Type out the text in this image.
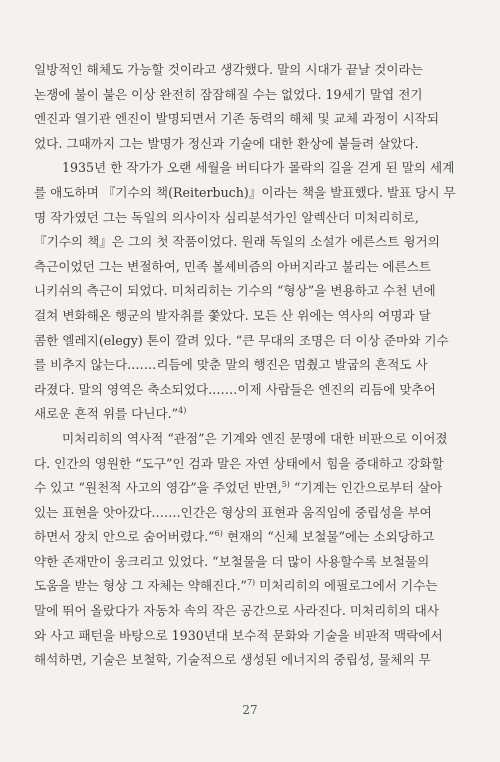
일방적인 해체도 가능할 것이라고 생각했다. 말의 시대가 끝날 것이라는
논쟁에 불이 붙은 이상 완전히 잠잠해질 수는 없었다. 19세기 말엽 전기
엔진과 열기관 엔진이 발명되면서 기존 동력의 해체 및 교체 과정이 시작되
었다. 그때까지 그는 발명가 정신과 기술에 대한 환상에 붙들려 살았다.
1935년 한 작가가 오랜 세월을 버티다가 몰락의 길을 걷게 된 말의 세계
를 애도하며 『기수의 책(Reiterbuch)』이라는 책을 발표했다. 발표 당시 무
명 작가였던 그는 독일의 의사이자 심리분석가인 알렉산더 미처리히로,
『기수의 책』은 그의 첫 작품이었다. 원래 독일의 소설가 에른스트 윙거의
측근이었던 그는 변절하여, 민족 볼셰비즘의 아버지라고 불리는 에른스트
니키쉬의 측근이 되었다. 미처리히는 기수의 “형상”을 변용하고 수천 년에
걸쳐 변화해온 행군의 발자취를 쫓았다. 모든 산 위에는 역사의 여명과 달
콤한 엘레지(elegy) 톤이 깔려 있다. “큰 무대의 조명은 더 이상 준마와 기수
를 비추지 않는다.……리듬에 맞춘 말의 행진은 멈췄고 발굽의 흔적도 사
라졌다. 말의 영역은 축소되었다.……이제 사람들은 엔진의 리듬에 맞추어
새로운 흔적 위를 다닌다.”$^{4)}$
미처리히의 역사적 “관점”은 기계와 엔진 문명에 대한 비판으로 이어졌
다. 인간의 영원한 “도구”인 검과 말은 자연 상태에서 힘을 증대하고 강화할
수 있고 “원천적 사고의 영감”을 주었던 반면,$^{5)}$ “기계는 인간으로부터 살아
있는 표현을 앗아갔다.……인간은 형상의 표현과 움직임에 중립성을 부여
하면서 장치 안으로 숨어버렸다.”$^{6)}$ 현재의 “신체 보철물”에는 소외당하고
약한 존재만이 웅크리고 있었다. “보철물을 더 많이 사용할수록 보철물의
도움을 받는 형상 그 자체는 약해진다.”$^{7)}$ 미처리히의 에필로그에서 기수는
말에 뛰어 올랐다가 자동차 속의 작은 공간으로 사라진다. 미처리히의 대사
와 사고 패턴을 바탕으로 1930년대 보수적 문화와 기술을 비판적 맥락에서
해석하면, 기술은 보철학, 기술적으로 생성된 에너지의 중립성, 물체의 무
27
